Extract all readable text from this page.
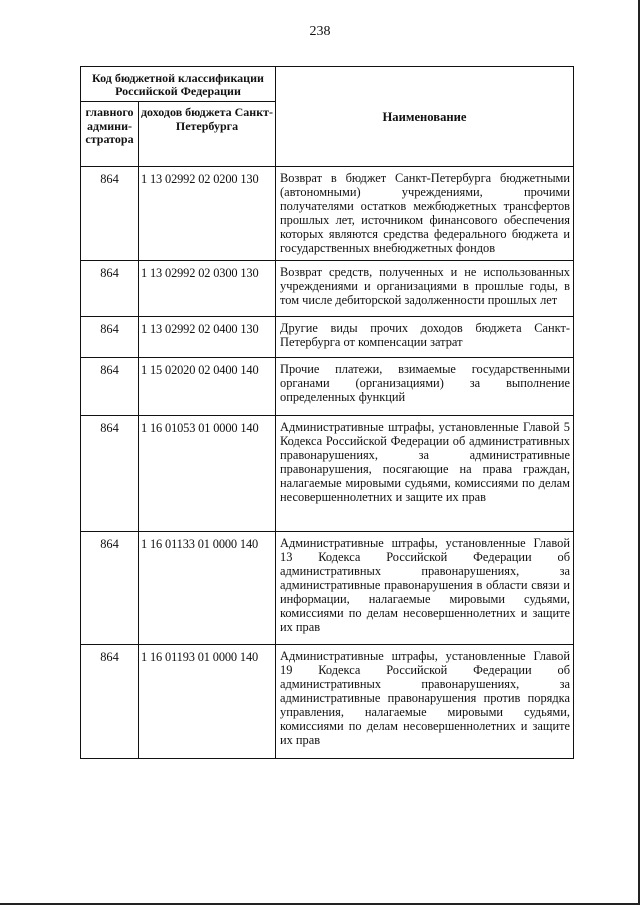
238
Код бюджетной классификации Российской Федерации		Наименование
главного админи-стратора	доходов бюджета Санкт-Петербурга	
864	1 13 02992 02 0200 130	Возврат в бюджет Санкт-Петербурга бюджетными (автономными) учреждениями, прочими получателями остатков межбюджетных трансфертов прошлых лет, источником финансового обеспечения которых являются средства федерального бюджета и государственных внебюджетных фондов
864	1 13 02992 02 0300 130	Возврат средств, полученных и не использованных учреждениями и организациями в прошлые годы, в том числе дебиторской задолженности прошлых лет
864	1 13 02992 02 0400 130	Другие виды прочих доходов бюджета Санкт-Петербурга от компенсации затрат
864	1 15 02020 02 0400 140	Прочие платежи, взимаемые государственными органами (организациями) за выполнение определенных функций
864	1 16 01053 01 0000 140	Административные штрафы, установленные Главой 5 Кодекса Российской Федерации об административных правонарушениях, за административные правонарушения, посягающие на права граждан, налагаемые мировыми судьями, комиссиями по делам несовершеннолетних и защите их прав
864	1 16 01133 01 0000 140	Административные штрафы, установленные Главой 13 Кодекса Российской Федерации об административных правонарушениях, за административные правонарушения в области связи и информации, налагаемые мировыми судьями, комиссиями по делам несовершеннолетних и защите их прав
864	1 16 01193 01 0000 140	Административные штрафы, установленные Главой 19 Кодекса Российской Федерации об административных правонарушениях, за административные правонарушения против порядка управления, налагаемые мировыми судьями, комиссиями по делам несовершеннолетних и защите их прав
